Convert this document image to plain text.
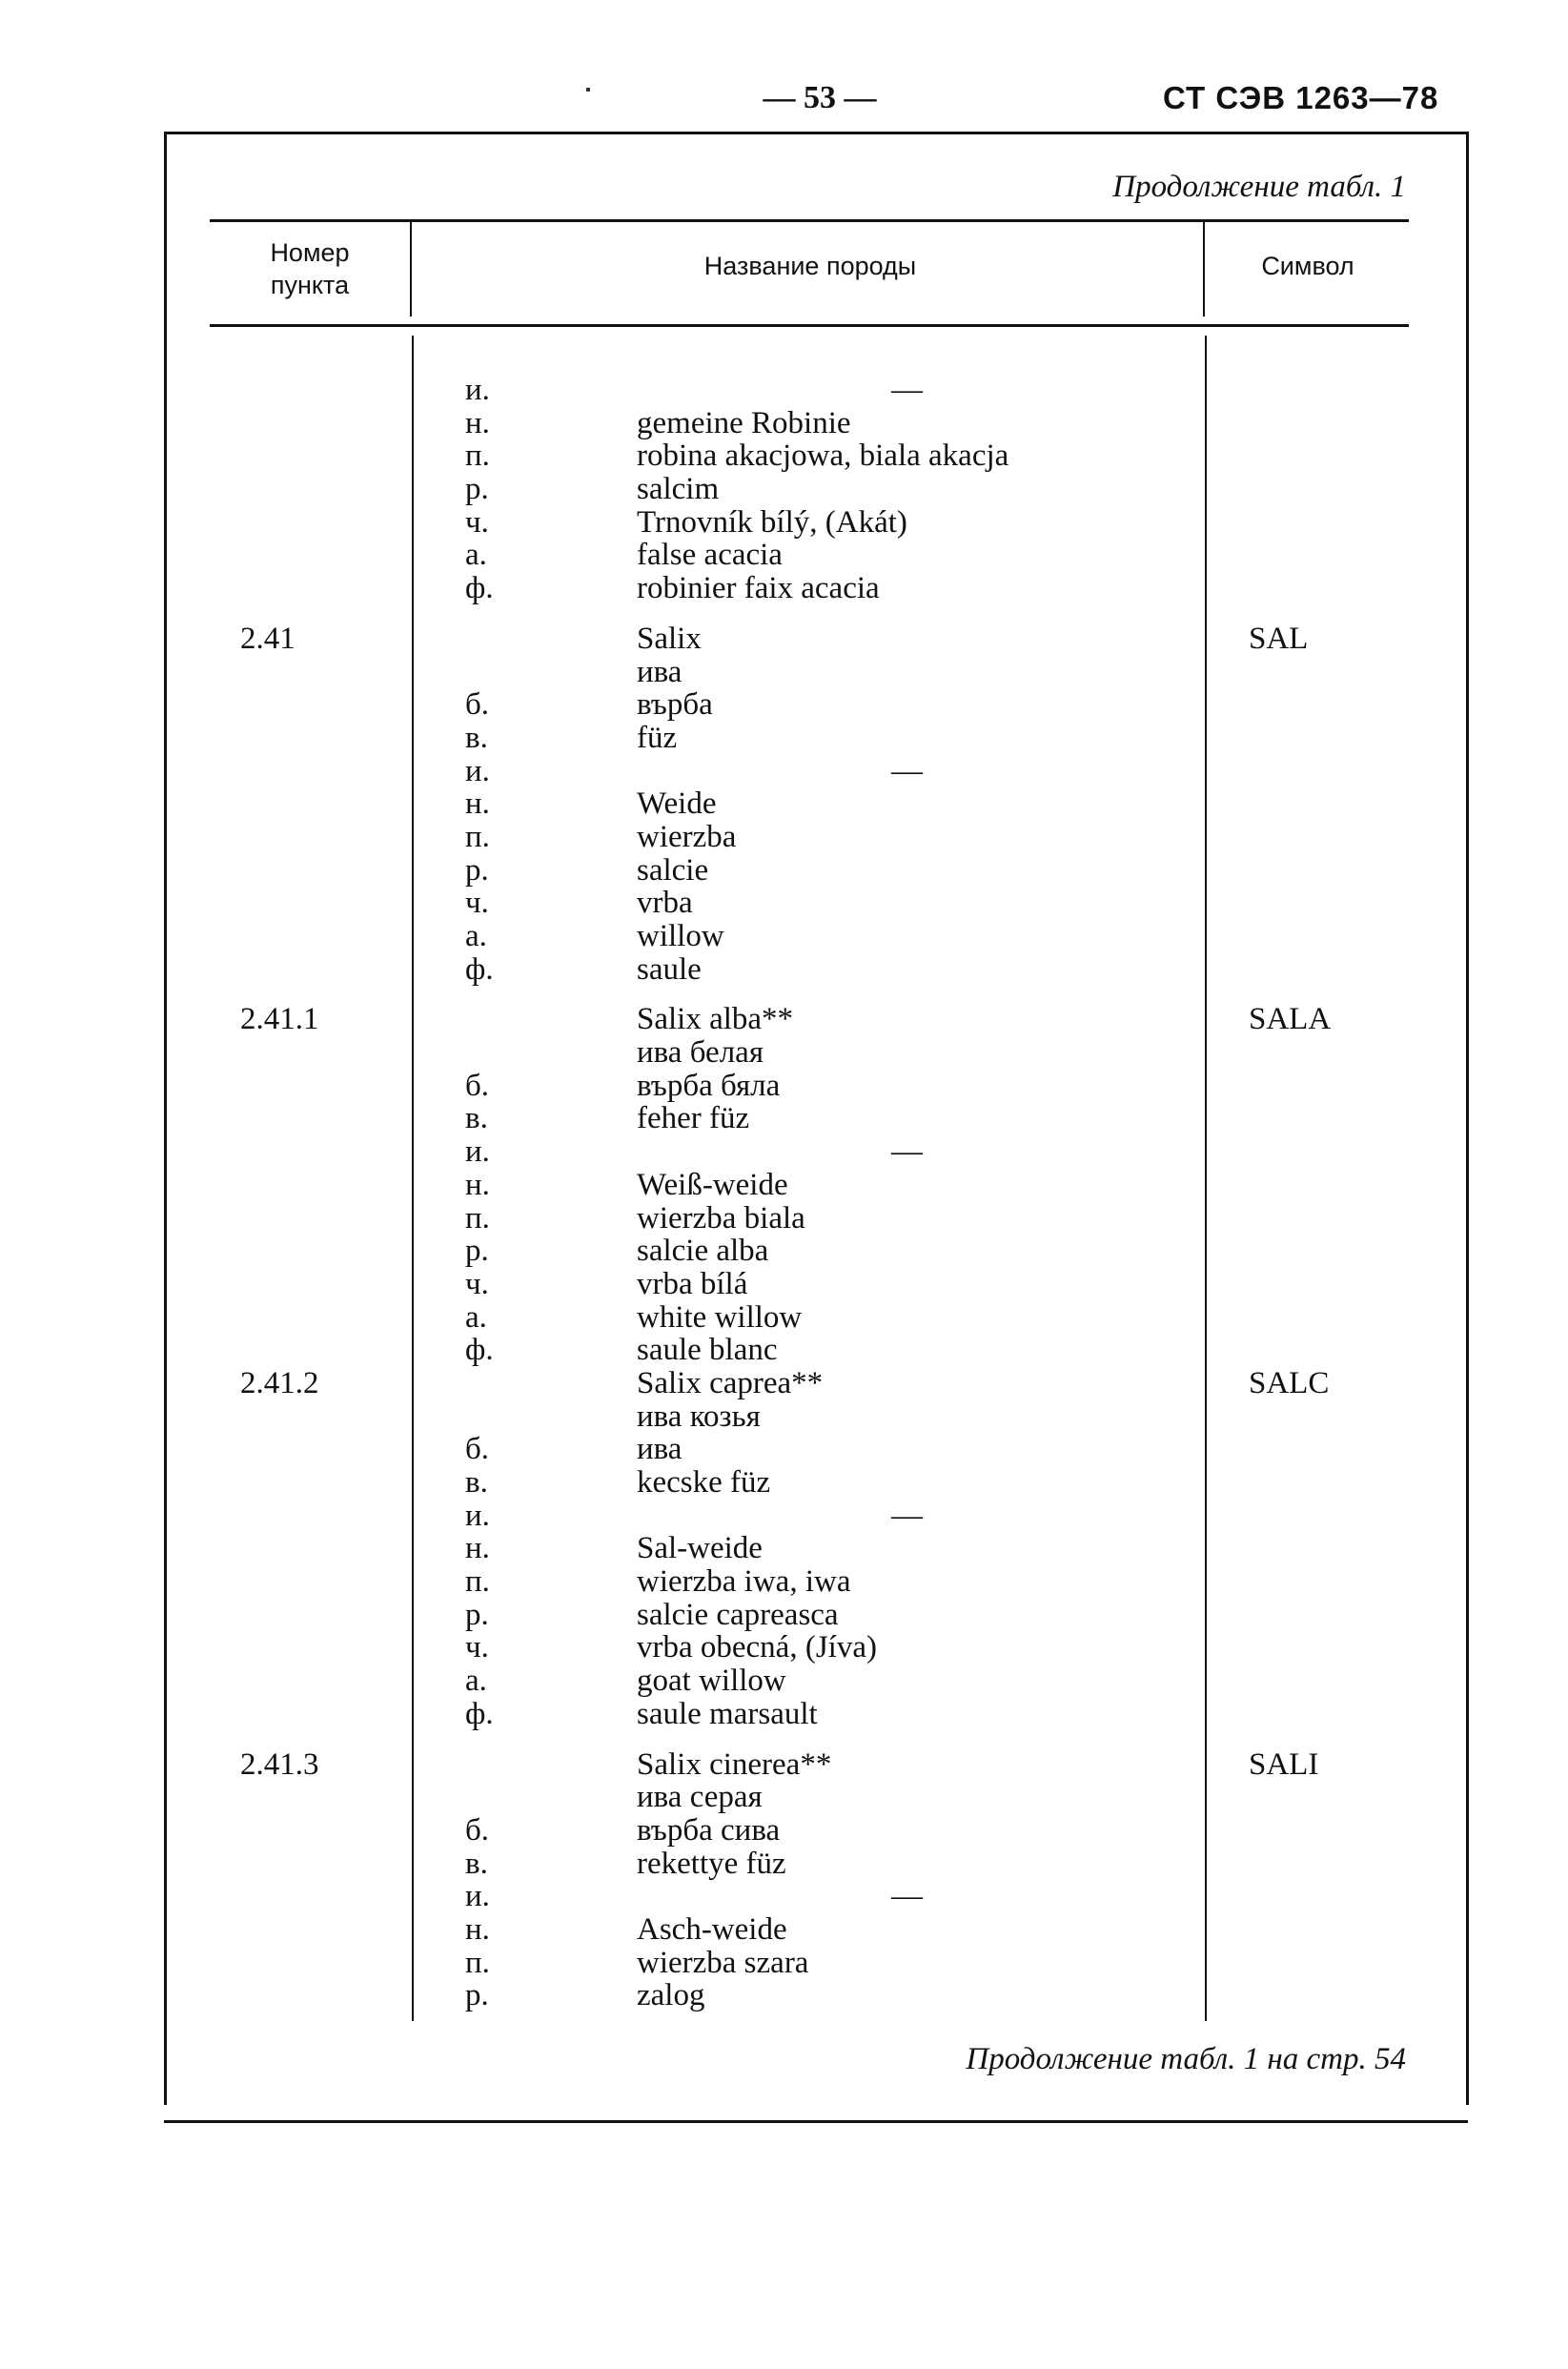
— 53 —	СТ СЭВ 1263—78
Продолжение табл. 1
Номер
пункта
Название породы	Символ
и.	—
н.	gemeine Robinie
п.	robina akacjowa, biala akacja
р.	salcim
ч.	Trnovník bílý, (Akát)
а.	false acacia
ф.	robinier faix acacia
2.41	Salix	SAL
ива
б.	върба
в.	füz
и.	—
н.	Weide
п.	wierzba
р.	salcie
ч.	vrba
а.	willow
ф.	saule
2.41.1	Salix alba**	SALA
ива белая
б.	върба бяла
в.	feher füz
и.	—
н.	Weiß-weide
п.	wierzba biala
р.	salcie alba
ч.	vrba bílá
а.	white willow
ф.	saule blanc
2.41.2	Salix caprea**	SALC
ива козья
б.	ива
в.	kecske füz
и.	—
н.	Sal-weide
п.	wierzba iwa, iwa
р.	salcie capreasca
ч.	vrba obecná, (Jíva)
а.	goat willow
ф.	saule marsault
2.41.3	Salix cinerea**	SALI
ива серая
б.	върба сива
в.	rekettye füz
и.	—
н.	Asch-weide
п.	wierzba szara
р.	zalog
Продолжение табл. 1 на стр. 54
